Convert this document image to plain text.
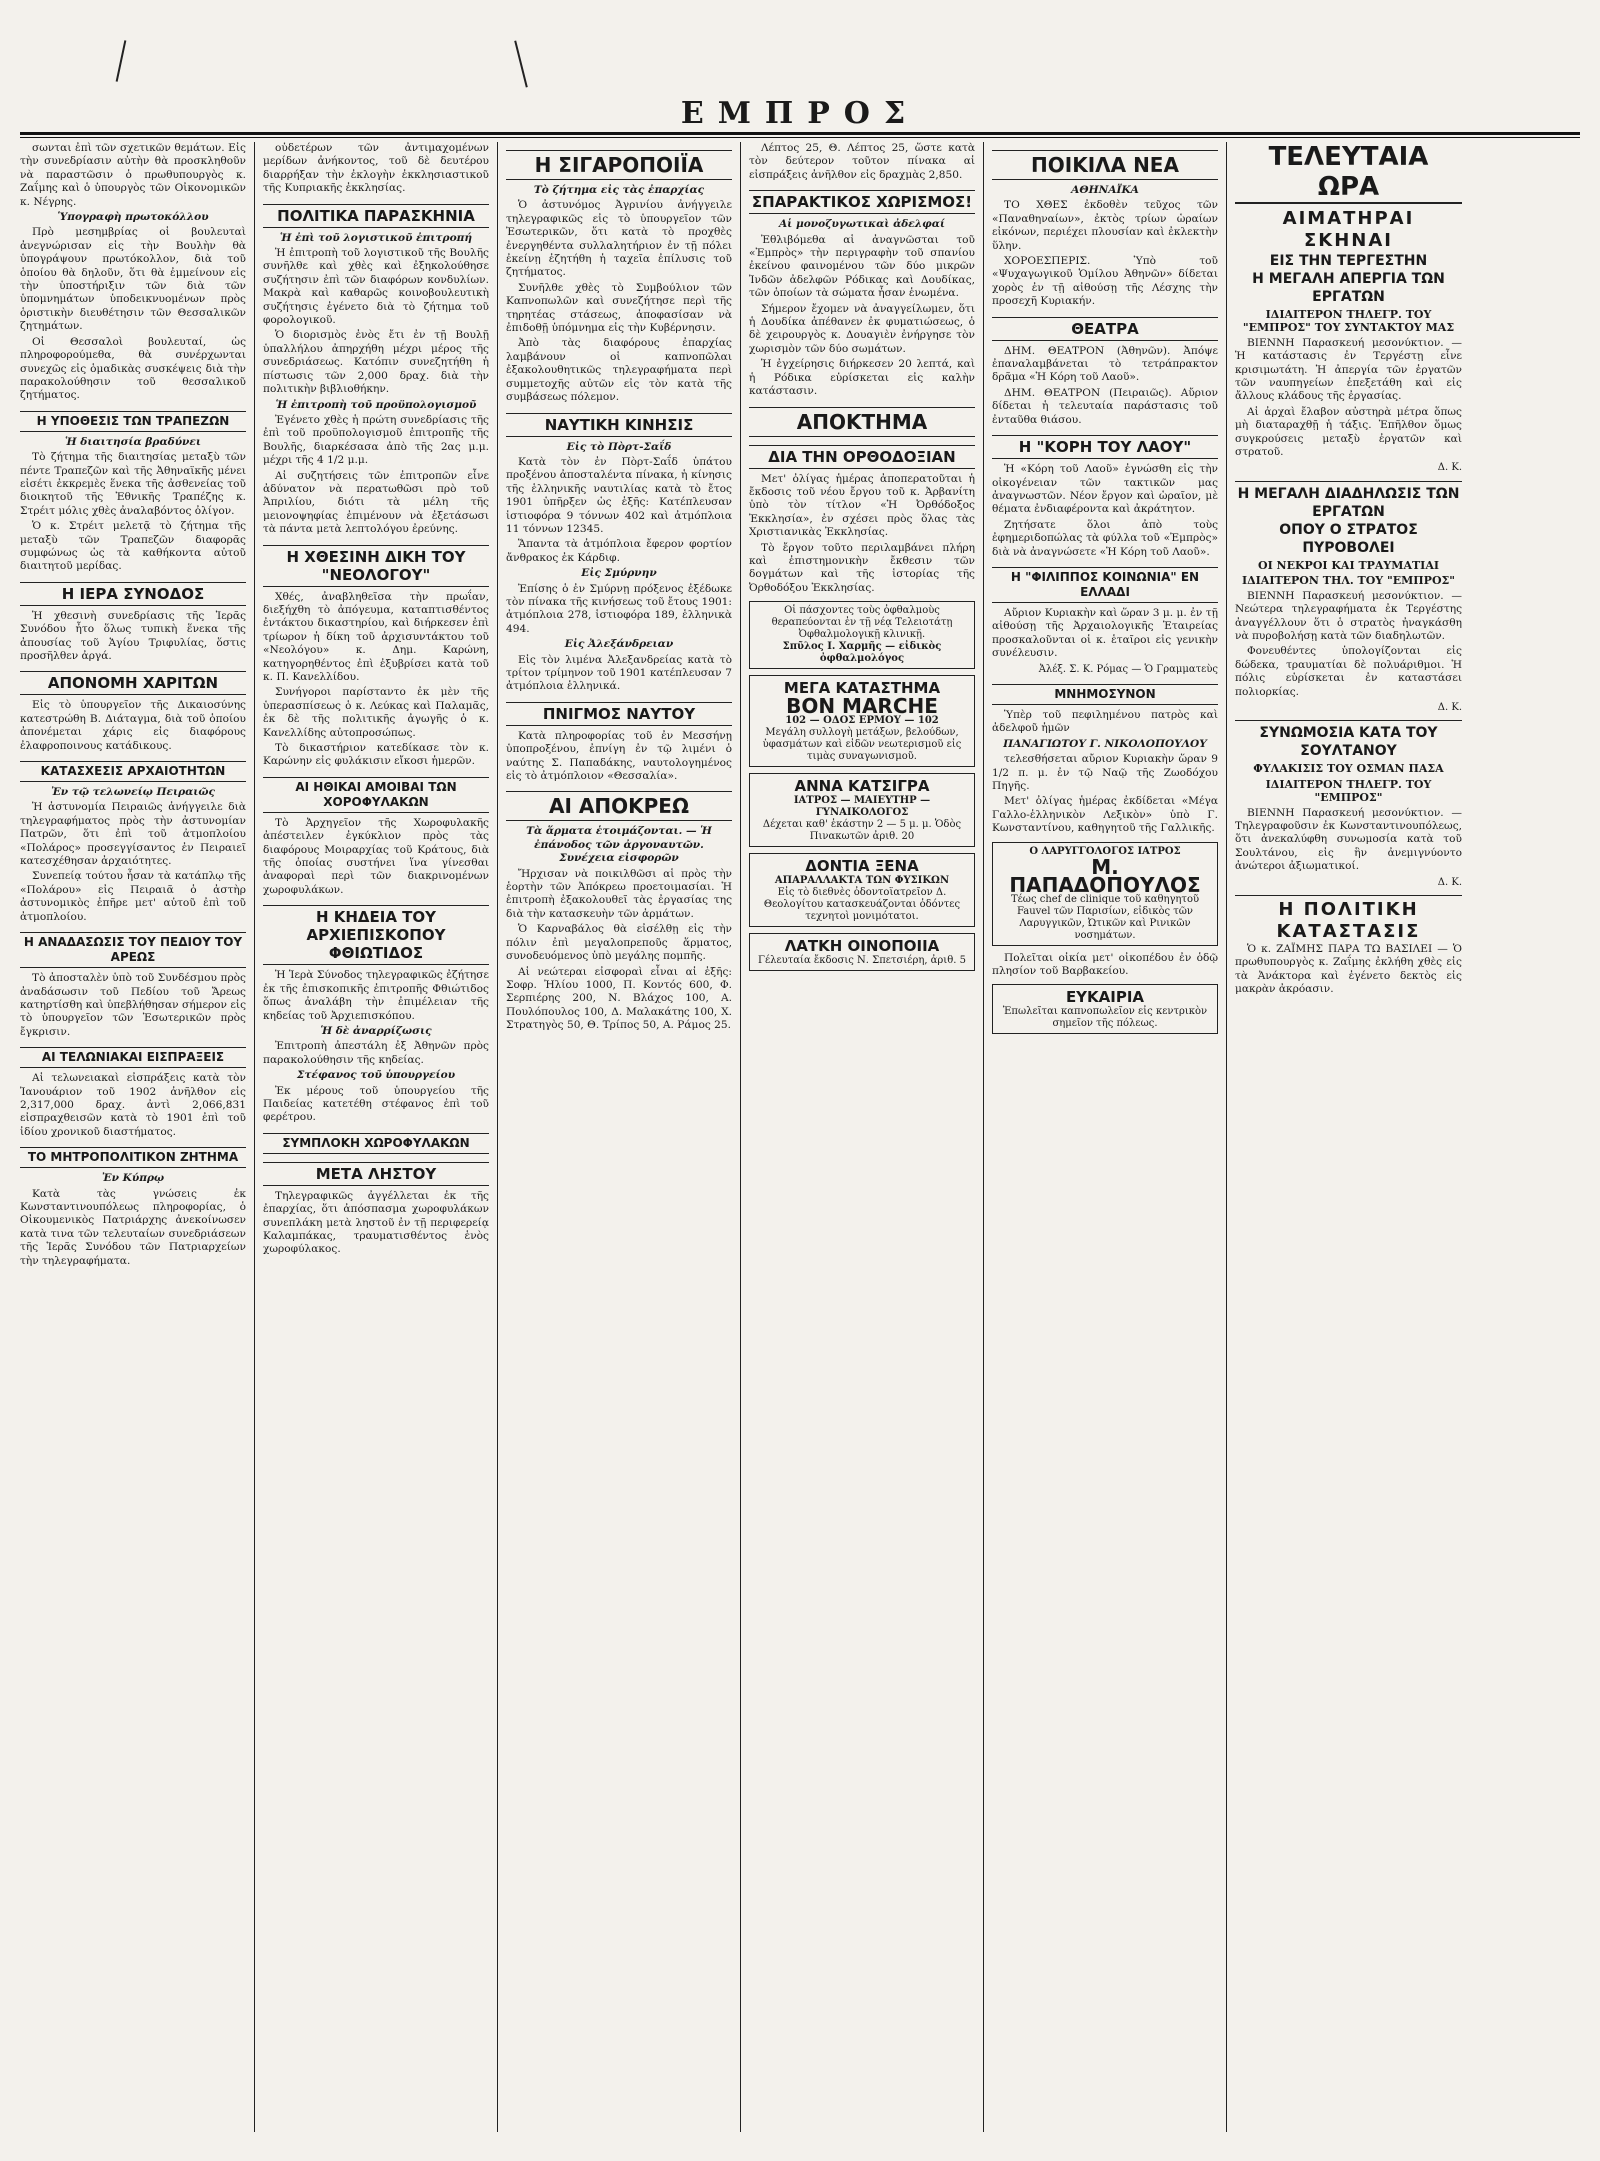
ΕΜΠΡΟΣ

σωνται ἐπὶ τῶν σχετικῶν θεμάτων. Εἰς τὴν συνεδρίασιν αὐτὴν θὰ προσκληθοῦν νὰ παραστῶσιν ὁ πρωθυπουργὸς κ. Ζαΐμης καὶ ὁ ὑπουργὸς τῶν Οἰκονομικῶν κ. Νέγρης.

Ὑπογραφὴ πρωτοκόλλου

Πρὸ μεσημβρίας οἱ βουλευταὶ ἀνεγνώρισαν εἰς τὴν Βουλὴν θὰ ὑπογράψουν πρωτόκολλον, διὰ τοῦ ὁποίου θὰ δηλοῦν, ὅτι θὰ ἐμμείνουν εἰς τὴν ὑποστήριξιν τῶν διὰ τῶν ὑπομνημάτων ὑποδεικνυομένων πρὸς ὁριστικὴν διευθέτησιν τῶν Θεσσαλικῶν ζητημάτων.

Οἱ Θεσσαλοὶ βουλευταί, ὡς πληροφορούμεθα, θὰ συνέρχωνται συνεχῶς εἰς ὁμαδικὰς συσκέψεις διὰ τὴν παρακολούθησιν τοῦ θεσσαλικοῦ ζητήματος.

Η ΥΠΟΘΕΣΙΣ ΤΩΝ ΤΡΑΠΕΖΩΝ
Ἡ διαιτησία βραδύνει

Τὸ ζήτημα τῆς διαιτησίας μεταξὺ τῶν πέντε Τραπεζῶν καὶ τῆς Ἀθηναϊκῆς μένει εἰσέτι ἐκκρεμὲς ἕνεκα τῆς ἀσθενείας τοῦ διοικητοῦ τῆς Ἐθνικῆς Τραπέζης κ. Στρέιτ μόλις χθὲς ἀναλαβόντος ὀλίγον.

Ὁ κ. Στρέιτ μελετᾷ τὸ ζήτημα τῆς μεταξὺ τῶν Τραπεζῶν διαφορᾶς συμφώνως ὡς τὰ καθήκοντα αὐτοῦ διαιτητοῦ μερίδας.

Η ΙΕΡΑ ΣΥΝΟΔΟΣ

Ἡ χθεσινὴ συνεδρίασις τῆς Ἱερᾶς Συνόδου ἦτο ὅλως τυπικὴ ἕνεκα τῆς ἀπουσίας τοῦ Ἁγίου Τριφυλίας, ὅστις προσῆλθεν ἀργά.

ΑΠΟΝΟΜΗ ΧΑΡΙΤΩΝ

Εἰς τὸ ὑπουργεῖον τῆς Δικαιοσύνης κατεστρώθη Β. Διάταγμα, διὰ τοῦ ὁποίου ἀπονέμεται χάρις εἰς διαφόρους ἐλαφροποινους κατάδικους.

ΚΑΤΑΣΧΕΣΙΣ ΑΡΧΑΙΟΤΗΤΩΝ
Ἐν τῷ τελωνείῳ Πειραιῶς

Ἡ ἀστυνομία Πειραιῶς ἀνήγγειλε διὰ τηλεγραφήματος πρὸς τὴν ἀστυνομίαν Πατρῶν, ὅτι ἐπὶ τοῦ ἀτμοπλοίου «Πολάρος» προσεγγίσαντος ἐν Πειραιεῖ κατεσχέθησαν ἀρχαιότητες.

Συνεπείᾳ τούτου ἦσαν τὰ κατάπλῳ τῆς «Πολάρου» εἰς Πειραιᾶ ὁ ἀστὴρ ἀστυνομικὸς ἐπῆρε μετ' αὐτοῦ ἐπὶ τοῦ ἀτμοπλοίου.

Η ΑΝΑΔΑΣΩΣΙΣ ΤΟΥ ΠΕΔΙΟΥ ΤΟΥ ΑΡΕΩΣ

Τὸ ἀποσταλὲν ὑπὸ τοῦ Συνδέσμου πρὸς ἀναδάσωσιν τοῦ Πεδίου τοῦ Ἄρεως κατηρτίσθη καὶ ὑπεβλήθησαν σήμερον εἰς τὸ ὑπουργεῖον τῶν Ἐσωτερικῶν πρὸς ἔγκρισιν.

ΑΙ ΤΕΛΩΝΙΑΚΑΙ ΕΙΣΠΡΑΞΕΙΣ

Αἱ τελωνειακαὶ εἰσπράξεις κατὰ τὸν Ἰανουάριον τοῦ 1902 ἀνῆλθον εἰς 2,317,000 δραχ. ἀντὶ 2,066,831 εἰσπραχθεισῶν κατὰ τὸ 1901 ἐπὶ τοῦ ἰδίου χρονικοῦ διαστήματος.

ΤΟ ΜΗΤΡΟΠΟΛΙΤΙΚΟΝ ΖΗΤΗΜΑ
Ἐν Κύπρῳ

Κατὰ τὰς γνώσεις ἐκ Κωνσταντινουπόλεως πληροφορίας, ὁ Οἰκουμενικὸς Πατριάρχης ἀνεκοίνωσεν κατὰ τινα τῶν τελευταίων συνεδριάσεων τῆς Ἱερᾶς Συνόδου τῶν Πατριαρχείων τὴν τηλεγραφήματα.

οὐδετέρων τῶν ἀντιμαχομένων μερίδων ἀνήκοντος, τοῦ δὲ δευτέρου διαρρήξαν τὴν ἐκλογὴν ἐκκλησιαστικοῦ τῆς Κυπριακῆς ἐκκλησίας.

ΠΟΛΙΤΙΚΑ ΠΑΡΑΣΚΗΝΙΑ
Ἡ ἐπὶ τοῦ λογιστικοῦ ἐπιτροπή

Ἡ ἐπιτροπὴ τοῦ λογιστικοῦ τῆς Βουλῆς συνῆλθε καὶ χθὲς καὶ ἐξηκολούθησε συζήτησιν ἐπὶ τῶν διαφόρων κονδυλίων. Μακρὰ καὶ καθαρῶς κοινοβουλευτικὴ συζήτησις ἐγένετο διὰ τὸ ζήτημα τοῦ φορολογικοῦ.

Ὁ διορισμὸς ἐνὸς ἔτι ἐν τῇ Βουλῇ ὑπαλλήλου ἀπηρχήθη μέχρι μέρος τῆς συνεδριάσεως. Κατόπιν συνεζητήθη ἡ πίστωσις τῶν 2,000 δραχ. διὰ τὴν πολιτικὴν βιβλιοθήκην.

Ἡ ἐπιτροπὴ τοῦ προϋπολογισμοῦ

Ἐγένετο χθὲς ἡ πρώτη συνεδρίασις τῆς ἐπὶ τοῦ προϋπολογισμοῦ ἐπιτροπῆς τῆς Βουλῆς, διαρκέσασα ἀπὸ τῆς 2ας μ.μ. μέχρι τῆς 4 1/2 μ.μ.

Αἱ συζητήσεις τῶν ἐπιτροπῶν εἶνε ἀδύνατον νὰ περατωθῶσι πρὸ τοῦ Ἀπριλίου, διότι τὰ μέλη τῆς μειονοψηφίας ἐπιμένουν νὰ ἐξετάσωσι τὰ πάντα μετὰ λεπτολόγου ἐρεύνης.

Η ΧΘΕΣΙΝΗ ΔΙΚΗ ΤΟΥ "ΝΕΟΛΟΓΟΥ"

Χθές, ἀναβληθεῖσα τὴν πρωΐαν, διεξήχθη τὸ ἀπόγευμα, καταπτισθέντος ἐντάκτου δικαστηρίου, καὶ διήρκεσεν ἐπὶ τρίωρον ἡ δίκη τοῦ ἀρχισυντάκτου τοῦ «Νεολόγου» κ. Δημ. Καρώνη, κατηγορηθέντος ἐπὶ ἐξυβρίσει κατὰ τοῦ κ. Π. Κανελλίδου.

Συνήγοροι παρίσταντο ἐκ μὲν τῆς ὑπερασπίσεως ὁ κ. Λεύκας καὶ Παλαμᾶς, ἐκ δὲ τῆς πολιτικῆς ἀγωγῆς ὁ κ. Κανελλίδης αὐτοπροσώπως.

Τὸ δικαστήριον κατεδίκασε τὸν κ. Καρώνην εἰς φυλάκισιν εἴκοσι ἡμερῶν.

ΑΙ ΗΘΙΚΑΙ ΑΜΟΙΒΑΙ ΤΩΝ ΧΟΡΟΦΥΛΑΚΩΝ

Τὸ Ἀρχηγεῖον τῆς Χωροφυλακῆς ἀπέστειλεν ἐγκύκλιον πρὸς τὰς διαφόρους Μοιραρχίας τοῦ Κράτους, διὰ τῆς ὁποίας συστήνει ἵνα γίνεσθαι ἀναφοραὶ περὶ τῶν διακρινομένων χωροφυλάκων.

Η ΚΗΔΕΙΑ ΤΟΥ ΑΡΧΙΕΠΙΣΚΟΠΟΥ ΦΘΙΩΤΙΔΟΣ

Ἡ Ἱερὰ Σύνοδος τηλεγραφικῶς ἐζήτησε ἐκ τῆς ἐπισκοπικῆς ἐπιτροπῆς Φθιώτιδος ὅπως ἀναλάβη τὴν ἐπιμέλειαν τῆς κηδείας τοῦ Ἀρχιεπισκόπου.

Ἡ δὲ ἀναρρίζωσις

Ἐπιτροπὴ ἀπεστάλη ἐξ Ἀθηνῶν πρὸς παρακολούθησιν τῆς κηδείας.

Στέφανος τοῦ ὑπουργείου

Ἐκ μέρους τοῦ ὑπουργείου τῆς Παιδείας κατετέθη στέφανος ἐπὶ τοῦ φερέτρου.

ΣΥΜΠΛΟΚΗ ΧΩΡΟΦΥΛΑΚΩΝ
ΜΕΤΑ ΛΗΣΤΟΥ

Τηλεγραφικῶς ἀγγέλλεται ἐκ τῆς ἐπαρχίας, ὅτι ἀπόσπασμα χωροφυλάκων συνεπλάκη μετὰ ληστοῦ ἐν τῇ περιφερείᾳ Καλαμπάκας, τραυματισθέντος ἑνὸς χωροφύλακος.

Η ΣΙΓΑΡΟΠΟΙΪΑ
Τὸ ζήτημα εἰς τὰς ἐπαρχίας

Ὁ ἀστυνόμος Ἀγρινίου ἀνήγγειλε τηλεγραφικῶς εἰς τὸ ὑπουργεῖον τῶν Ἐσωτερικῶν, ὅτι κατὰ τὸ προχθὲς ἐνεργηθέντα συλλαλητήριον ἐν τῇ πόλει ἐκείνῃ ἐζητήθη ἡ ταχεῖα ἐπίλυσις τοῦ ζητήματος.

Συνῆλθε χθὲς τὸ Συμβούλιον τῶν Καπνοπωλῶν καὶ συνεζήτησε περὶ τῆς τηρητέας στάσεως, ἀποφασίσαν νὰ ἐπιδοθῇ ὑπόμνημα εἰς τὴν Κυβέρνησιν.

Ἀπὸ τὰς διαφόρους ἐπαρχίας λαμβάνουν οἱ καπνοπῶλαι ἐξακολουθητικῶς τηλεγραφήματα περὶ συμμετοχῆς αὐτῶν εἰς τὸν κατὰ τῆς συμβάσεως πόλεμον.

ΝΑΥΤΙΚΗ ΚΙΝΗΣΙΣ
Εἰς τὸ Πὸρτ-Σαΐδ

Κατὰ τὸν ἐν Πὸρτ-Σαΐδ ὑπάτου προξένου ἀποσταλέντα πίνακα, ἡ κίνησις τῆς ἑλληνικῆς ναυτιλίας κατὰ τὸ ἔτος 1901 ὑπῆρξεν ὡς ἑξῆς: Κατέπλευσαν ἱστιοφόρα 9 τόννων 402 καὶ ἀτμόπλοια 11 τόννων 12345.

Ἅπαντα τὰ ἀτμόπλοια ἔφερον φορτίον ἄνθρακος ἐκ Κάρδιφ.

Εἰς Σμύρνην

Ἐπίσης ὁ ἐν Σμύρνῃ πρόξενος ἐξέδωκε τὸν πίνακα τῆς κινήσεως τοῦ ἔτους 1901: ἀτμόπλοια 278, ἱστιοφόρα 189, ἑλληνικὰ 494.

Εἰς Ἀλεξάνδρειαν

Εἰς τὸν λιμένα Ἀλεξανδρείας κατὰ τὸ τρίτον τρίμηνον τοῦ 1901 κατέπλευσαν 7 ἀτμόπλοια ἑλληνικά.

ΠΝΙΓΜΟΣ ΝΑΥΤΟΥ

Κατὰ πληροφορίας τοῦ ἐν Μεσσήνῃ ὑποπροξένου, ἐπνίγη ἐν τῷ λιμένι ὁ ναύτης Σ. Παπαδάκης, ναυτολογημένος εἰς τὸ ἀτμόπλοιον «Θεσσαλία».

ΑΙ ΑΠΟΚΡΕΩ
Τὰ ἅρματα ἑτοιμάζονται. — Ἡ ἐπάνοδος τῶν ἀργοναυτῶν. Συνέχεια εἰσφορῶν

Ἤρχισαν νὰ ποικιλθῶσι αἱ πρὸς τὴν ἑορτὴν τῶν Ἀπόκρεω προετοιμασίαι. Ἡ ἐπιτροπὴ ἐξακολουθεῖ τὰς ἐργασίας της διὰ τὴν κατασκευὴν τῶν ἁρμάτων.

Ὁ Καρναβάλος θὰ εἰσέλθῃ εἰς τὴν πόλιν ἐπὶ μεγαλοπρεποῦς ἅρματος, συνοδευόμενος ὑπὸ μεγάλης πομπῆς.

Αἱ νεώτεραι εἰσφοραὶ εἶναι αἱ ἑξῆς: Σοφρ. Ἠλίου 1000, Π. Κοντός 600, Φ. Σερπιέρης 200, Ν. Βλάχος 100, Α. Πουλόπουλος 100, Δ. Μαλακάτης 100, Χ. Στρατηγὸς 50, Θ. Τρίπος 50, Α. Ράμος 25.

Λέπτος 25, Θ. Λέπτος 25, ὥστε κατὰ τὸν δεύτερον τοῦτον πίνακα αἱ εἰσπράξεις ἀνῆλθον εἰς δραχμὰς 2,850.

ΣΠΑΡΑΚΤΙΚΟΣ ΧΩΡΙΣΜΟΣ!
Αἱ μονοζυγωτικαὶ ἀδελφαί

Ἐθλιβόμεθα αἱ ἀναγνῶσται τοῦ «Ἐμπρὸς» τὴν περιγραφὴν τοῦ σπανίου ἐκείνου φαινομένου τῶν δύο μικρῶν Ἰνδῶν ἀδελφῶν Ρόδικας καὶ Δουδίκας, τῶν ὁποίων τὰ σώματα ἦσαν ἑνωμένα.

Σήμερον ἔχομεν νὰ ἀναγγείλωμεν, ὅτι ἡ Δουδίκα ἀπέθανεν ἐκ φυματιώσεως, ὁ δὲ χειρουργὸς κ. Δουαγιὲν ἐνήργησε τὸν χωρισμὸν τῶν δύο σωμάτων.

Ἡ ἐγχείρησις διήρκεσεν 20 λεπτά, καὶ ἡ Ρόδικα εὑρίσκεται εἰς καλὴν κατάστασιν.

ΑΠΟΚΤΗΜΑ
ΔΙΑ ΤΗΝ ΟΡΘΟΔΟΞΙΑΝ

Μετ' ὀλίγας ἡμέρας ἀποπερατοῦται ἡ ἔκδοσις τοῦ νέου ἔργου τοῦ κ. Ἀρβανίτη ὑπὸ τὸν τίτλον «Ἡ Ὀρθόδοξος Ἐκκλησία», ἐν σχέσει πρὸς ὅλας τὰς Χριστιανικὰς Ἐκκλησίας.

Τὸ ἔργον τοῦτο περιλαμβάνει πλήρη καὶ ἐπιστημονικὴν ἔκθεσιν τῶν δογμάτων καὶ τῆς ἱστορίας τῆς Ὀρθοδόξου Ἐκκλησίας.

Οἱ πάσχοντες τοὺς ὀφθαλμοὺς θεραπεύονται ἐν τῇ νέᾳ Τελειοτάτῃ Ὀφθαλμολογικῇ κλινικῇ.
Σπῦλος Ι. Χαρμῆς — εἰδικὸς ὀφθαλμολόγος
ΜΕΓΑ ΚΑΤΑΣΤΗΜΑ
BON MARCHE
102 — ΟΔΟΣ ΕΡΜΟΥ — 102
Μεγάλη συλλογὴ μετάξων, βελούδων, ὑφασμάτων καὶ εἰδῶν νεωτερισμοῦ εἰς τιμὰς συναγωνισμοῦ.
ΑΝΝΑ ΚΑΤΣΙΓΡΑ
ΙΑΤΡΟΣ — ΜΑΙΕΥΤΗΡ — ΓΥΝΑΙΚΟΛΟΓΟΣ
Δέχεται καθ' ἑκάστην 2 — 5 μ. μ. Ὁδὸς Πινακωτῶν ἀριθ. 20
ΔΟΝΤΙΑ ΞΕΝΑ
ΑΠΑΡΑΛΛΑΚΤΑ ΤΩΝ ΦΥΣΙΚΩΝ
Εἰς τὸ διεθνὲς ὀδοντοϊατρεῖον Δ. Θεολογίτου κατασκευάζονται ὀδόντες τεχνητοὶ μονιμότατοι.
ΛΑΤΚΗ ΟΙΝΟΠΟΙΙΑ
Γέλευταία ἔκδοσις Ν. Σπετσιέρη, ἀριθ. 5
ΠΟΙΚΙΛΑ ΝΕΑ
ΑΘΗΝΑΪΚΑ

ΤΟ ΧΘΕΣ ἐκδοθὲν τεῦχος τῶν «Παναθηναίων», ἐκτὸς τρίων ὡραίων εἰκόνων, περιέχει πλουσίαν καὶ ἐκλεκτὴν ὕλην.

ΧΟΡΟΕΣΠΕΡΙΣ. Ὑπὸ τοῦ «Ψυχαγωγικοῦ Ὁμίλου Ἀθηνῶν» δίδεται χορὸς ἐν τῇ αἰθούσῃ τῆς Λέσχης τὴν προσεχῆ Κυριακήν.

ΘΕΑΤΡΑ

ΔΗΜ. ΘΕΑΤΡΟΝ (Ἀθηνῶν). Ἀπόψε ἐπαναλαμβάνεται τὸ τετράπρακτον δρᾶμα «Ἡ Κόρη τοῦ Λαοῦ».

ΔΗΜ. ΘΕΑΤΡΟΝ (Πειραιῶς). Αὔριον δίδεται ἡ τελευταία παράστασις τοῦ ἐνταῦθα θιάσου.

Η "ΚΟΡΗ ΤΟΥ ΛΑΟΥ"

Ἡ «Κόρη τοῦ Λαοῦ» ἐγνώσθη εἰς τὴν οἰκογένειαν τῶν τακτικῶν μας ἀναγνωστῶν. Νέον ἔργον καὶ ὡραῖον, μὲ θέματα ἐνδιαφέροντα καὶ ἀκράτητον.

Ζητήσατε ὅλοι ἀπὸ τοὺς ἐφημεριδοπώλας τὰ φύλλα τοῦ «Ἐμπρὸς» διὰ νὰ ἀναγνώσετε «Ἡ Κόρη τοῦ Λαοῦ».

Η "ΦΙΛΙΠΠΟΣ ΚΟΙΝΩΝΙΑ" ΕΝ ΕΛΛΑΔΙ

Αὔριον Κυριακὴν καὶ ὥραν 3 μ. μ. ἐν τῇ αἰθούσῃ τῆς Ἀρχαιολογικῆς Ἑταιρείας προσκαλοῦνται οἱ κ. ἑταῖροι εἰς γενικὴν συνέλευσιν.

Ἀλέξ. Σ. Κ. Ρόμας — Ὁ Γραμματεὺς
ΜΝΗΜΟΣΥΝΟΝ

Ὑπὲρ τοῦ πεφιλημένου πατρὸς καὶ ἀδελφοῦ ἡμῶν

ΠΑΝΑΓΙΩΤΟΥ Γ. ΝΙΚΟΛΟΠΟΥΛΟΥ

τελεσθήσεται αὔριον Κυριακὴν ὥραν 9 1/2 π. μ. ἐν τῷ Ναῷ τῆς Ζωοδόχου Πηγῆς.

Μετ' ὀλίγας ἡμέρας ἐκδίδεται «Μέγα Γαλλο-ἑλληνικὸν Λεξικὸν» ὑπὸ Γ. Κωνσταντίνου, καθηγητοῦ τῆς Γαλλικῆς.

Ο ΛΑΡΥΓΓΟΛΟΓΟΣ ΙΑΤΡΟΣ
Μ. ΠΑΠΑΔΟΠΟΥΛΟΣ
Τέως chef de clinique τοῦ καθηγητοῦ Fauvel τῶν Παρισίων, εἰδικὸς τῶν Λαρυγγικῶν, Ὠτικῶν καὶ Ρινικῶν νοσημάτων.

Πολεῖται οἰκία μετ' οἰκοπέδου ἐν ὁδῷ πλησίον τοῦ Βαρβακείου.

ΕΥΚΑΙΡΙΑ
Ἐπωλεῖται καπνοπωλεῖον εἰς κεντρικὸν σημεῖον τῆς πόλεως.
ΤΕΛΕΥΤΑΙΑ ΩΡΑ
ΑΙΜΑΤΗΡΑΙ ΣΚΗΝΑΙ
ΕΙΣ ΤΗΝ ΤΕΡΓΕΣΤΗΝ
Η ΜΕΓΑΛΗ ΑΠΕΡΓΙΑ ΤΩΝ ΕΡΓΑΤΩΝ
ΙΔΙΑΙΤΕΡΟΝ ΤΗΛΕΓΡ. ΤΟΥ "ΕΜΠΡΟΣ" ΤΟΥ ΣΥΝΤΑΚΤΟΥ ΜΑΣ

ΒΙΕΝΝΗ Παρασκευή μεσονύκτιον. — Ἡ κατάστασις ἐν Τεργέστῃ εἶνε κρισιμωτάτη. Ἡ ἀπεργία τῶν ἐργατῶν τῶν ναυπηγείων ἐπεξετάθη καὶ εἰς ἄλλους κλάδους τῆς ἐργασίας.

Αἱ ἀρχαὶ ἔλαβον αὐστηρὰ μέτρα ὅπως μὴ διαταραχθῇ ἡ τάξις. Ἐπῆλθον ὅμως συγκρούσεις μεταξὺ ἐργατῶν καὶ στρατοῦ.

Δ. Κ.
Η ΜΕΓΑΛΗ ΔΙΑΔΗΛΩΣΙΣ ΤΩΝ ΕΡΓΑΤΩΝ
ΟΠΟΥ Ο ΣΤΡΑΤΟΣ ΠΥΡΟΒΟΛΕΙ
ΟΙ ΝΕΚΡΟΙ ΚΑΙ ΤΡΑΥΜΑΤΙΑΙ
ΙΔΙΑΙΤΕΡΟΝ ΤΗΛ. ΤΟΥ "ΕΜΠΡΟΣ"

ΒΙΕΝΝΗ Παρασκευή μεσονύκτιον. — Νεώτερα τηλεγραφήματα ἐκ Τεργέστης ἀναγγέλλουν ὅτι ὁ στρατὸς ἠναγκάσθη νὰ πυροβολήσῃ κατὰ τῶν διαδηλωτῶν.

Φονευθέντες ὑπολογίζονται εἰς δώδεκα, τραυματίαι δὲ πολυάριθμοι. Ἡ πόλις εὑρίσκεται ἐν καταστάσει πολιορκίας.

Δ. Κ.
ΣΥΝΩΜΟΣΙΑ ΚΑΤΑ ΤΟΥ ΣΟΥΛΤΑΝΟΥ
ΦΥΛΑΚΙΣΙΣ ΤΟΥ ΟΣΜΑΝ ΠΑΣΑ
ΙΔΙΑΙΤΕΡΟΝ ΤΗΛΕΓΡ. ΤΟΥ "ΕΜΠΡΟΣ"

ΒΙΕΝΝΗ Παρασκευή μεσονύκτιον. — Τηλεγραφοῦσιν ἐκ Κωνσταντινουπόλεως, ὅτι ἀνεκαλύφθη συνωμοσία κατὰ τοῦ Σουλτάνου, εἰς ἣν ἀνεμιγνύοντο ἀνώτεροι ἀξιωματικοί.

Δ. Κ.
Η ΠΟΛΙΤΙΚΗ ΚΑΤΑΣΤΑΣΙΣ

Ὁ κ. ΖΑΪΜΗΣ ΠΑΡΑ ΤΩ ΒΑΣΙΛΕΙ — Ὁ πρωθυπουργὸς κ. Ζαΐμης ἐκλήθη χθὲς εἰς τὰ Ἀνάκτορα καὶ ἐγένετο δεκτὸς εἰς μακρὰν ἀκρόασιν.
